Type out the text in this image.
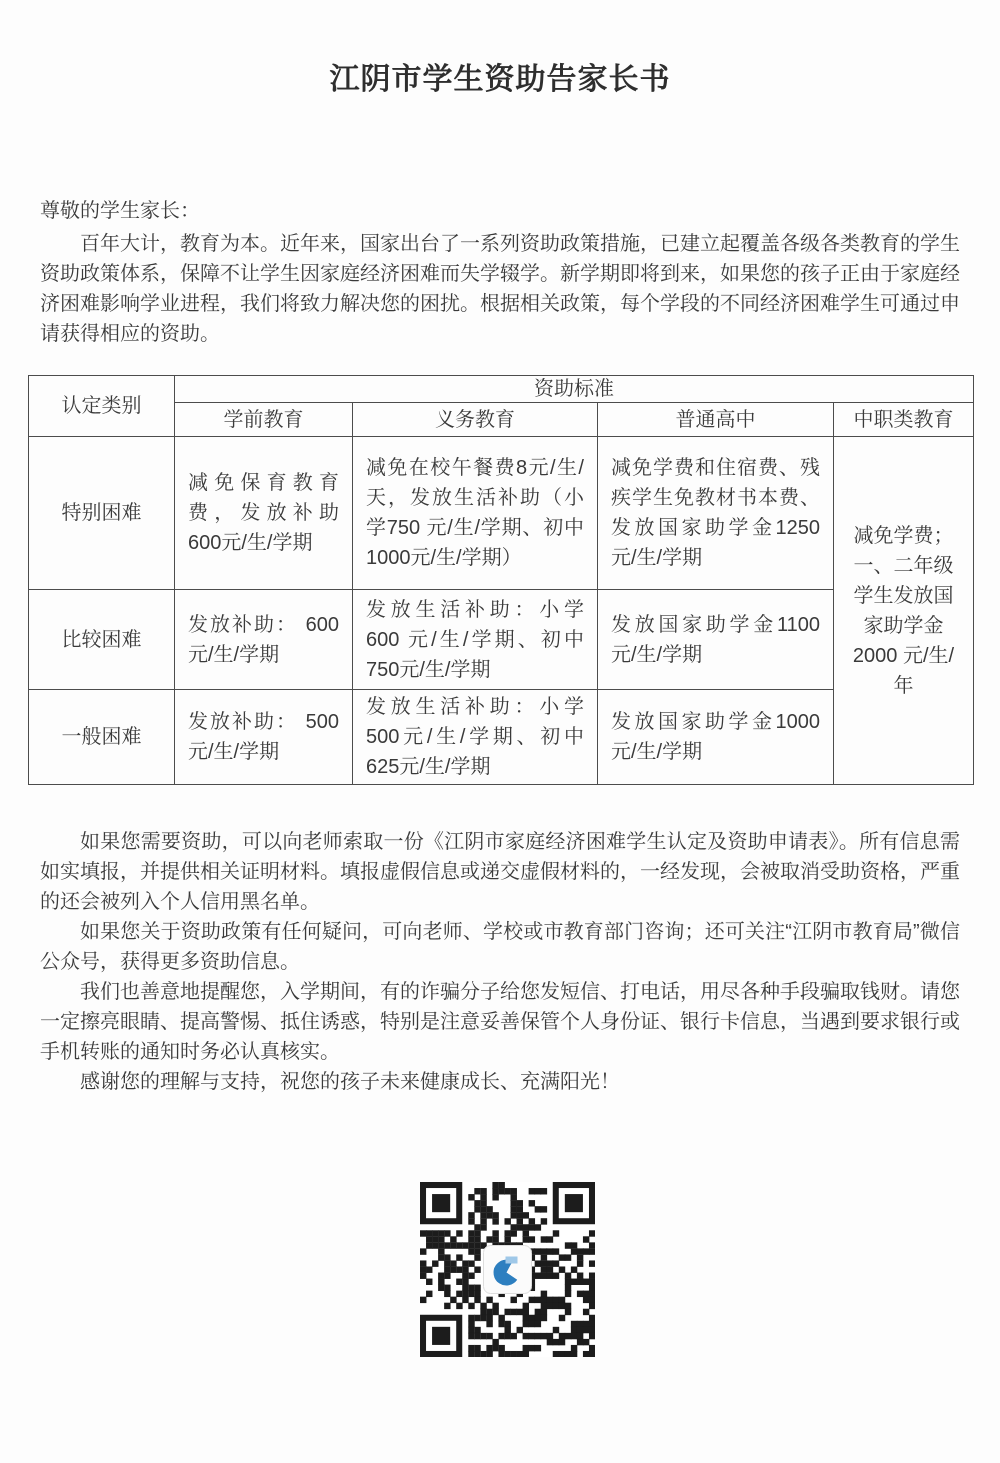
江阴市学生资助告家长书

尊敬的学生家长：

百年大计，教育为本。近年来，国家出台了一系列资助政策措施，已建立起覆盖各级各类教育的学生资助政策体系，保障不让学生因家庭经济困难而失学辍学。新学期即将到来，如果您的孩子正由于家庭经济困难影响学业进程，我们将致力解决您的困扰。根据相关政策，每个学段的不同经济困难学生可通过申请获得相应的资助。

认定类别	资助标准			
	学前教育	义务教育	普通高中	中职类教育
特别困难	减免保育教育费，发放补助600元/生/学期	减免在校午餐费8元/生/天，发放生活补助（小学750 元/生/学期、初中1000元/生/学期）	减免学费和住宿费、残疾学生免教材书本费、发放国家助学金1250 元/生/学期	减免学费；一、二年级学生发放国家助学金2000 元/生/年
比较困难	发放补助： 600元/生/学期	发放生活补助：小学 600 元/生/学期、初中750元/生/学期	发放国家助学金1100 元/生/学期	
一般困难	发放补助： 500元/生/学期	发放生活补助：小学 500元/生/学期、初中 625元/生/学期	发放国家助学金1000 元/生/学期	

如果您需要资助，可以向老师索取一份《江阴市家庭经济困难学生认定及资助申请表》。所有信息需如实填报，并提供相关证明材料。填报虚假信息或递交虚假材料的，一经发现，会被取消受助资格，严重的还会被列入个人信用黑名单。

如果您关于资助政策有任何疑问，可向老师、学校或市教育部门咨询；还可关注“江阴市教育局”微信公众号，获得更多资助信息。

我们也善意地提醒您，入学期间，有的诈骗分子给您发短信、打电话，用尽各种手段骗取钱财。请您一定擦亮眼睛、提高警惕、抵住诱惑，特别是注意妥善保管个人身份证、银行卡信息，当遇到要求银行或手机转账的通知时务必认真核实。

感谢您的理解与支持，祝您的孩子未来健康成长、充满阳光！
